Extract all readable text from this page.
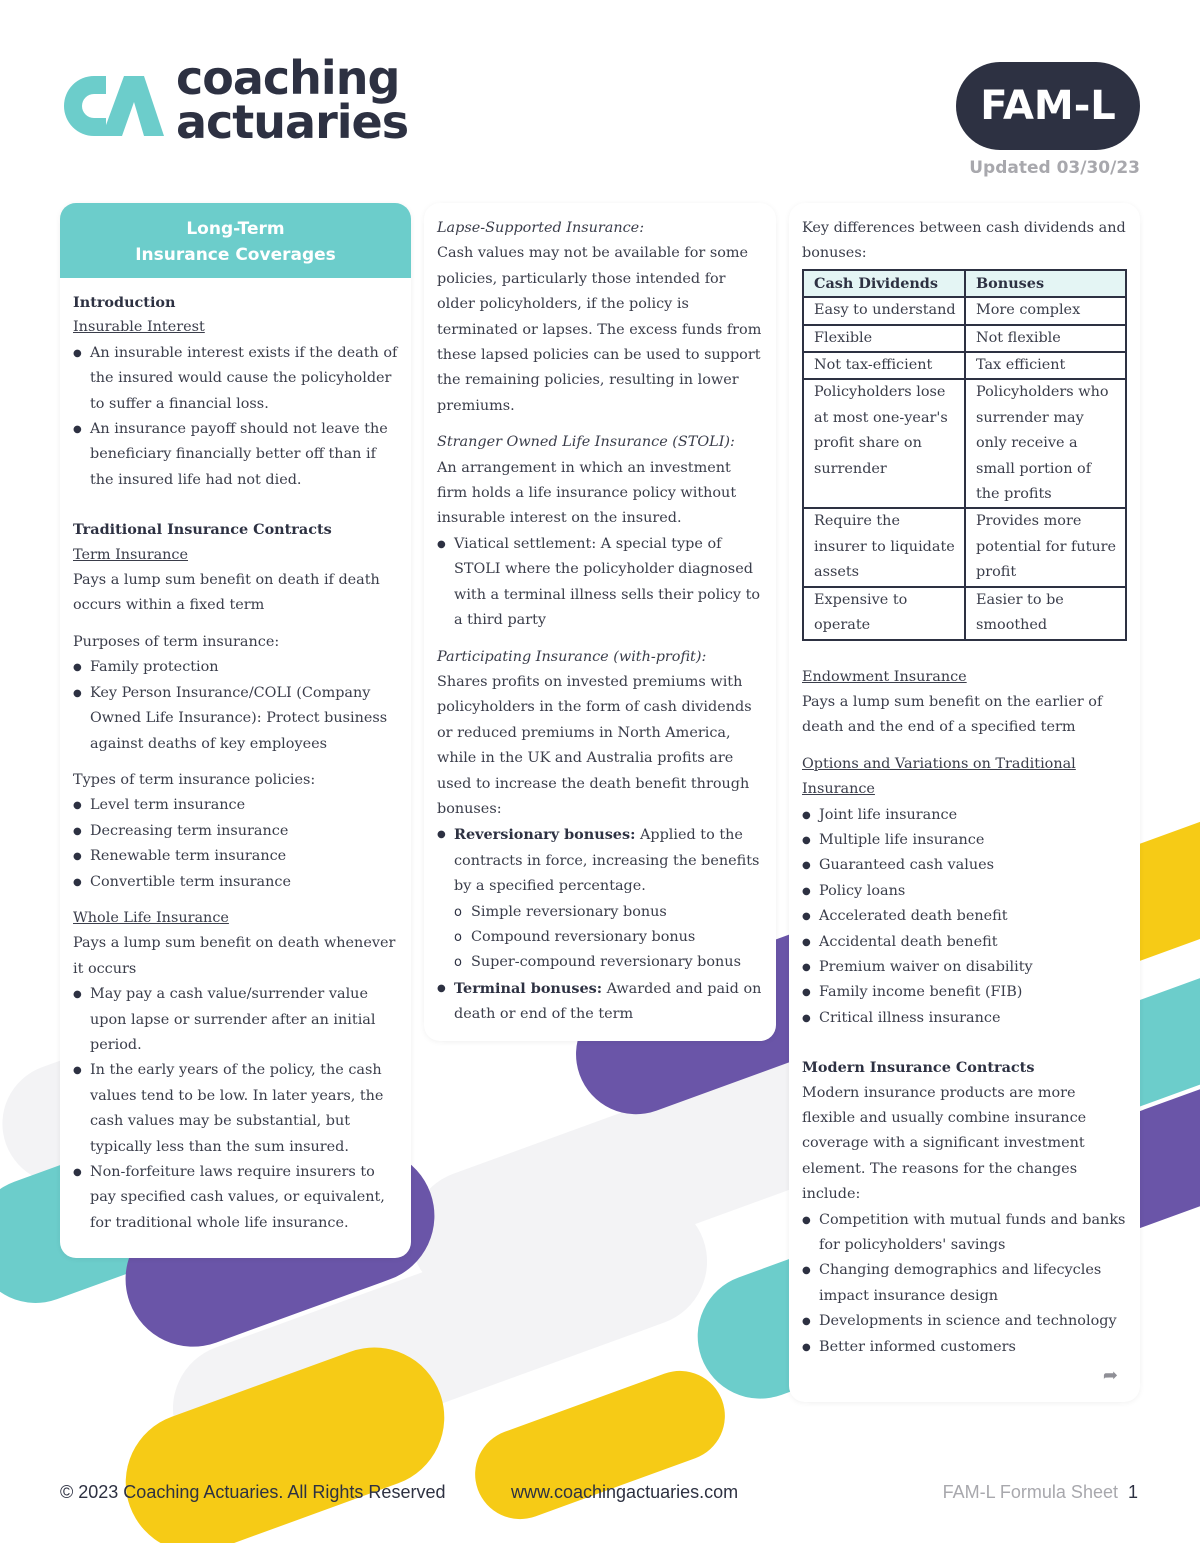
coaching
actuaries	FAM-L
Updated 03/30/23
Long-Term
Insurance Coverages
Introduction
Insurable Interest
● An insurable interest exists if the death of the insured would cause the policyholder to suffer a financial loss.
● An insurance payoff should not leave the beneficiary financially better off than if the insured life had not died.
Traditional Insurance Contracts
Term Insurance
Pays a lump sum benefit on death if death occurs within a fixed term
Purposes of term insurance:
● Family protection
● Key Person Insurance/COLI (Company Owned Life Insurance): Protect business against deaths of key employees
Types of term insurance policies:
● Level term insurance
● Decreasing term insurance
● Renewable term insurance
● Convertible term insurance
Whole Life Insurance
Pays a lump sum benefit on death whenever it occurs
● May pay a cash value/surrender value upon lapse or surrender after an initial period.
● In the early years of the policy, the cash values tend to be low. In later years, the cash values may be substantial, but typically less than the sum insured.
● Non-forfeiture laws require insurers to pay specified cash values, or equivalent, for traditional whole life insurance.
Lapse-Supported Insurance:
Cash values may not be available for some policies, particularly those intended for older policyholders, if the policy is terminated or lapses. The excess funds from these lapsed policies can be used to support the remaining policies, resulting in lower premiums.
Stranger Owned Life Insurance (STOLI):
An arrangement in which an investment firm holds a life insurance policy without insurable interest on the insured.
● Viatical settlement: A special type of STOLI where the policyholder diagnosed with a terminal illness sells their policy to a third party
Participating Insurance (with-profit):
Shares profits on invested premiums with policyholders in the form of cash dividends or reduced premiums in North America, while in the UK and Australia profits are used to increase the death benefit through bonuses:
● Reversionary bonuses: Applied to the contracts in force, increasing the benefits by a specified percentage.
o Simple reversionary bonus
o Compound reversionary bonus
o Super-compound reversionary bonus
● Terminal bonuses: Awarded and paid on death or end of the term
Key differences between cash dividends and bonuses:
Cash Dividends	Bonuses
Easy to understand	More complex
Flexible	Not flexible
Not tax-efficient	Tax efficient
Policyholders lose at most one-year's profit share on surrender	Policyholders who surrender may only receive a small portion of the profits
Require the insurer to liquidate assets	Provides more potential for future profit
Expensive to operate	Easier to be smoothed
Endowment Insurance
Pays a lump sum benefit on the earlier of death and the end of a specified term
Options and Variations on Traditional Insurance
● Joint life insurance
● Multiple life insurance
● Guaranteed cash values
● Policy loans
● Accelerated death benefit
● Accidental death benefit
● Premium waiver on disability
● Family income benefit (FIB)
● Critical illness insurance
Modern Insurance Contracts
Modern insurance products are more flexible and usually combine insurance coverage with a significant investment element. The reasons for the changes include:
● Competition with mutual funds and banks for policyholders' savings
● Changing demographics and lifecycles impact insurance design
● Developments in science and technology
● Better informed customers
➦
© 2023 Coaching Actuaries. All Rights Reserved	www.coachingactuaries.com	FAM-L Formula Sheet 1
